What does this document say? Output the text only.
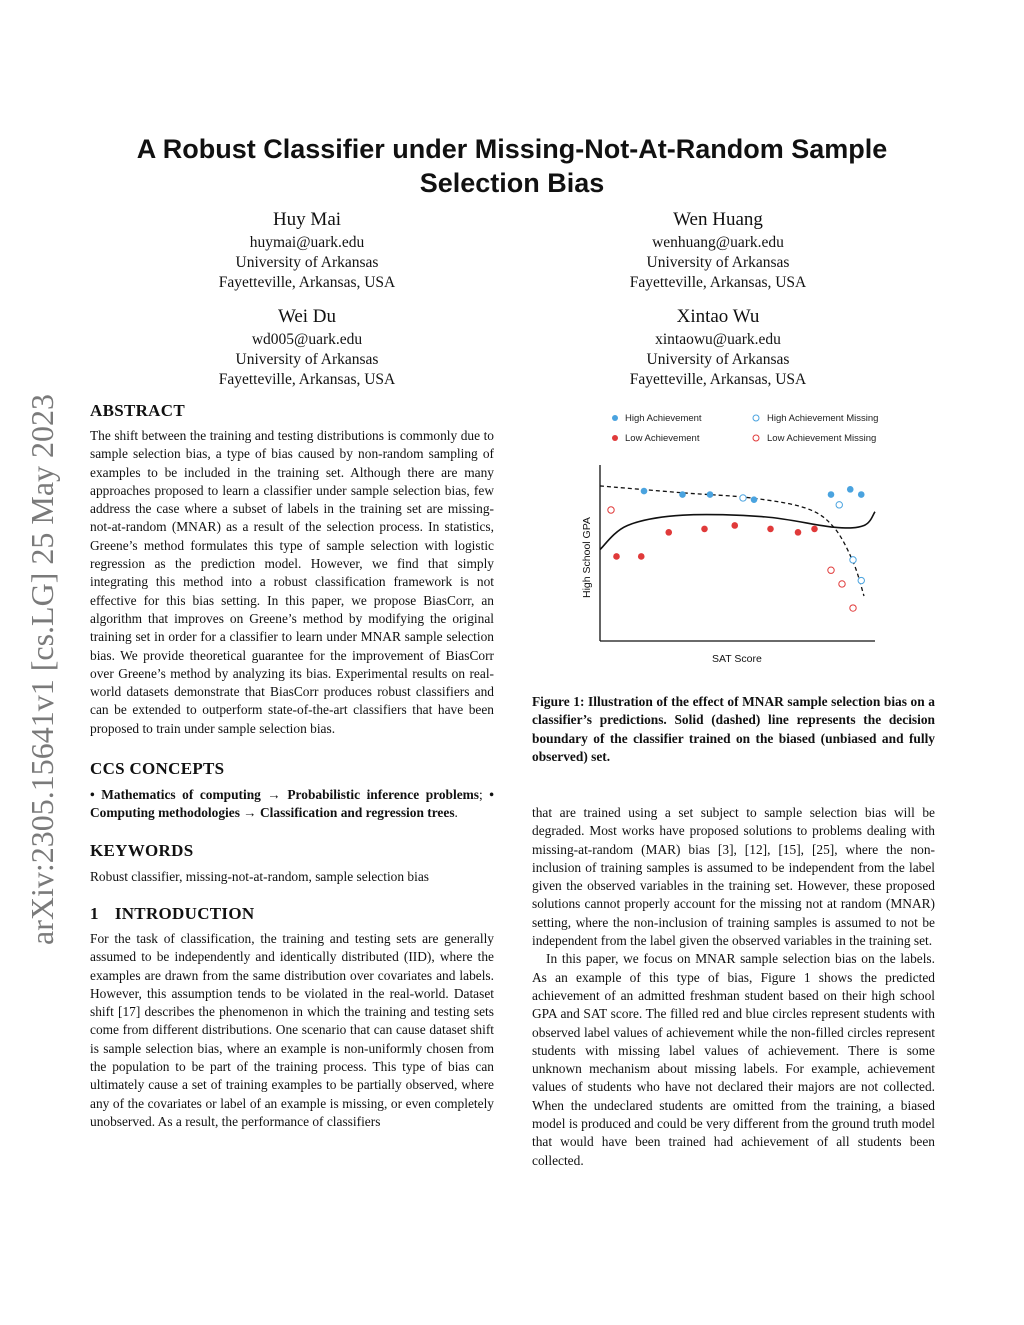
A Robust Classifier under Missing-Not-At-Random Sample
Selection Bias
Huy Mai
huymai@uark.edu
University of Arkansas
Fayetteville, Arkansas, USA
Wen Huang
wenhuang@uark.edu
University of Arkansas
Fayetteville, Arkansas, USA
Wei Du
wd005@uark.edu
University of Arkansas
Fayetteville, Arkansas, USA
Xintao Wu
xintaowu@uark.edu
University of Arkansas
Fayetteville, Arkansas, USA
arXiv:2305.15641v1 [cs.LG] 25 May 2023 ABSTRACT

The shift between the training and testing distributions is commonly due to sample selection bias, a type of bias caused by non-random sampling of examples to be included in the training set. Although there are many approaches proposed to learn a classifier under sample selection bias, few address the case where a subset of labels in the training set are missing-not-at-random (MNAR) as a result of the selection process. In statistics, Greene’s method formulates this type of sample selection with logistic regression as the prediction model. However, we find that simply integrating this method into a robust classification framework is not effective for this bias setting. In this paper, we propose BiasCorr, an algorithm that improves on Greene’s method by modifying the original training set in order for a classifier to learn under MNAR sample selection bias. We provide theoretical guarantee for the improvement of BiasCorr over Greene’s method by analyzing its bias. Experimental results on real-world datasets demonstrate that BiasCorr produces robust classifiers and can be extended to outperform state-of-the-art classifiers that have been proposed to train under sample selection bias.

CCS CONCEPTS

• Mathematics of computing → Probabilistic inference problems; • Computing methodologies → Classification and regression trees.

KEYWORDS

Robust classifier, missing-not-at-random, sample selection bias

1 INTRODUCTION

For the task of classification, the training and testing sets are generally assumed to be independently and identically distributed (IID), where the examples are drawn from the same distribution over covariates and labels. However, this assumption tends to be violated in the real-world. Dataset shift [17] describes the phenomenon in which the training and testing sets come from different distributions. One scenario that can cause dataset shift is sample selection bias, where an example is non-uniformly chosen from the population to be part of the training process. This type of bias can ultimately cause a set of training examples to be partially observed, where any of the covariates or label of an example is missing, or even completely unobserved. As a result, the performance of classifiers

High Achievement	High Achievement Missing
Low Achievement	Low Achievement Missing
High School GPA
SAT Score

Figure 1: Illustration of the effect of MNAR sample selection bias on a classifier’s predictions. Solid (dashed) line represents the decision boundary of the classifier trained on the biased (unbiased and fully observed) set.

that are trained using a set subject to sample selection bias will be degraded. Most works have proposed solutions to problems dealing with missing-at-random (MAR) bias [3], [12], [15], [25], where the non-inclusion of training samples is assumed to be independent from the label given the observed variables in the training set. However, these proposed solutions cannot properly account for the missing not at random (MNAR) setting, where the non-inclusion of training samples is assumed to not be independent from the label given the observed variables in the training set.

In this paper, we focus on MNAR sample selection bias on the labels. As an example of this type of bias, Figure 1 shows the predicted achievement of an admitted freshman student based on their high school GPA and SAT score. The filled red and blue circles represent students with observed label values of achievement while the non-filled circles represent students with missing label values of achievement. There is some unknown mechanism about missing labels. For example, achievement values of students who have not declared their majors are not collected. When the undeclared students are omitted from the training, a biased model is produced and could be very different from the ground truth model that would have been trained had achievement of all students been collected.
